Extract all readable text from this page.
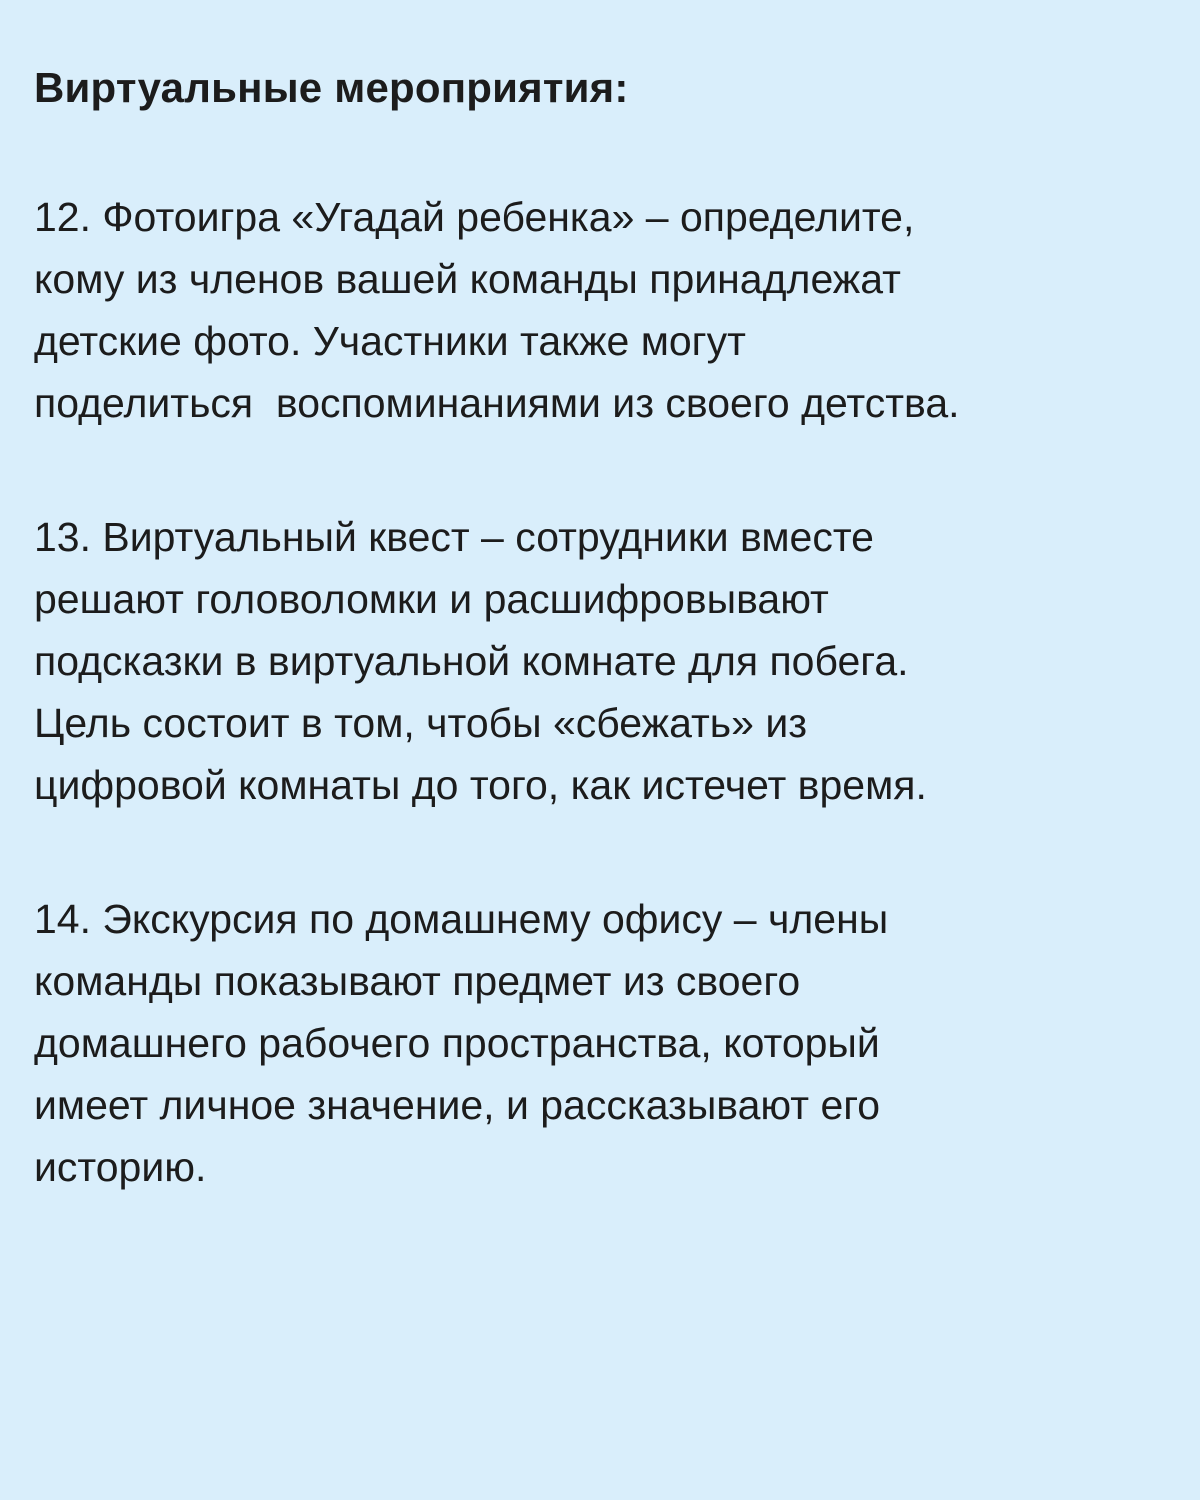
Виртуальные мероприятия:

12. Фотоигра «Угадай ребенка» – определите,
кому из членов вашей команды принадлежат
детские фото. Участники также могут
поделиться  воспоминаниями из своего детства.

13. Виртуальный квест – сотрудники вместе
решают головоломки и расшифровывают
подсказки в виртуальной комнате для побега.
Цель состоит в том, чтобы «сбежать» из
цифровой комнаты до того, как истечет время.

14. Экскурсия по домашнему офису – члены
команды показывают предмет из своего
домашнего рабочего пространства, который
имеет личное значение, и рассказывают его
историю.
